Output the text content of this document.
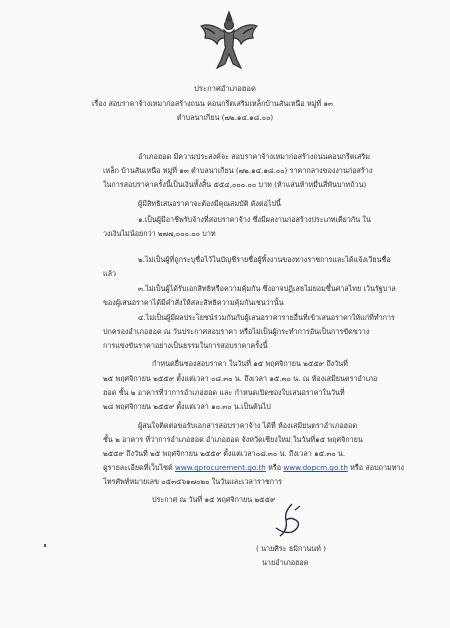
ประกาศอำเภอฮอด
เรื่อง สอบราคาจ้างเหมาก่อสร้างถนน คอนกรีตเสริมเหล็กบ้านสันเหนือ หมู่ที่ ๑๓
ตำบลนาเกียน (๗๒.๑๔.๑๘.๐๐)
อำเภอฮอด มีความประสงค์จะ สอบราคาจ้างเหมาก่อสร้างถนนคอนกรีตเสริม
เหล็ก บ้านสันเหนือ หมู่ที่ ๑๓ ตำบลนาเกียน (๗๒.๑๔.๑๘.๐๐) ราคากลางของงานก่อสร้าง
ในการสอบราคาครั้งนี้เป็นเงินทั้งสิ้น ๕๕๔,๐๐๐.๐๐ บาท (ห้าแสนห้าหมื่นสี่พันบาทถ้วน)
ผู้มีสิทธิเสนอราคาจะต้องมีคุณสมบัติ ดังต่อไปนี้
๑.เป็นผู้มีอาชีพรับจ้างที่สอบราคาจ้าง ซึ่งมีผลงานก่อสร้างประเภทเดียวกัน ใน
วงเงินไม่น้อยกว่า ๒๗๗,๐๐๐.๐๐ บาท
๒.ไม่เป็นผู้ที่ถูกระบุชื่อไว้ในบัญชีรายชื่อผู้ทิ้งงานของทางราชการและได้แจ้งเวียนชื่อ
แล้ว
๓.ไม่เป็นผู้ได้รับเอกสิทธิหรือความคุ้มกัน ซึ่งอาจปฏิเสธไม่ยอมขึ้นศาลไทย เว้นรัฐบาล
ของผู้เสนอราคาได้มีคำสั่งให้สละสิทธิความคุ้มกันเช่นว่านั้น
๔.ไม่เป็นผู้มีผลประโยชน์ร่วมกันกับผู้เสนอราคารายอื่นที่เข้าเสนอราคาให้แก่ที่ทำการ
ปกครองอำเภอฮอด ณ วันประกาศสอบราคา หรือไม่เป็นผู้กระทำการอันเป็นการขัดขวาง
การแข่งขันราคาอย่างเป็นธรรมในการสอบราคาครั้งนี้
กำหนดยื่นซองสอบราคา ในวันที่ ๑๕ พฤศจิกายน ๒๕๕๙ ถึงวันที่
๒๕ พฤศจิกายน ๒๕๕๙ ตั้งแต่เวลา ๐๘.๓๐ น. ถึงเวลา ๑๕.๓๐ น. ณ ห้องเสมียนตราอำเภอ
ฮอด ชั้น ๒ อาคารที่ว่าการอำเภอฮอด และ กำหนดเปิดซองใบเสนอราคาในวันที่
๒๘ พฤศจิกายน ๒๕๕๙ ตั้งแต่เวลา ๑๐.๓๐ น.เป็นต้นไป
ผู้สนใจติดต่อขอรับเอกสารสอบราคาจ้าง ได้ที่ ห้องเสมียนตราอำเภอฮอด
ชั้น ๒ อาคาร ที่ว่าการอำเภอฮอด อำเภอฮอด จังหวัดเชียงใหม่ ในวันที่๑๕ พฤศจิกายน
๒๕๕๙ ถึงวันที่ ๒๕ พฤศจิกายน ๒๕๕๙ ตั้งแต่เวลา๐๘.๓๐ น. ถึงเวลา ๑๕.๓๐ น.
ดูรายละเอียดที่เว็บไซต์ www.gprocurement.go.th หรือ www.dopcm.go.th หรือ สอบถามทาง
โทรศัพท์หมายเลข ๐๕๓๔๖๑๗๐๒๐ ในวันและเวลาราชการ
ประกาศ ณ วันที่ ๑๕ พฤศจิกายน ๒๕๕๙
( นายศิระ ธมิกานนท์ )
นายอำเภอฮอด
